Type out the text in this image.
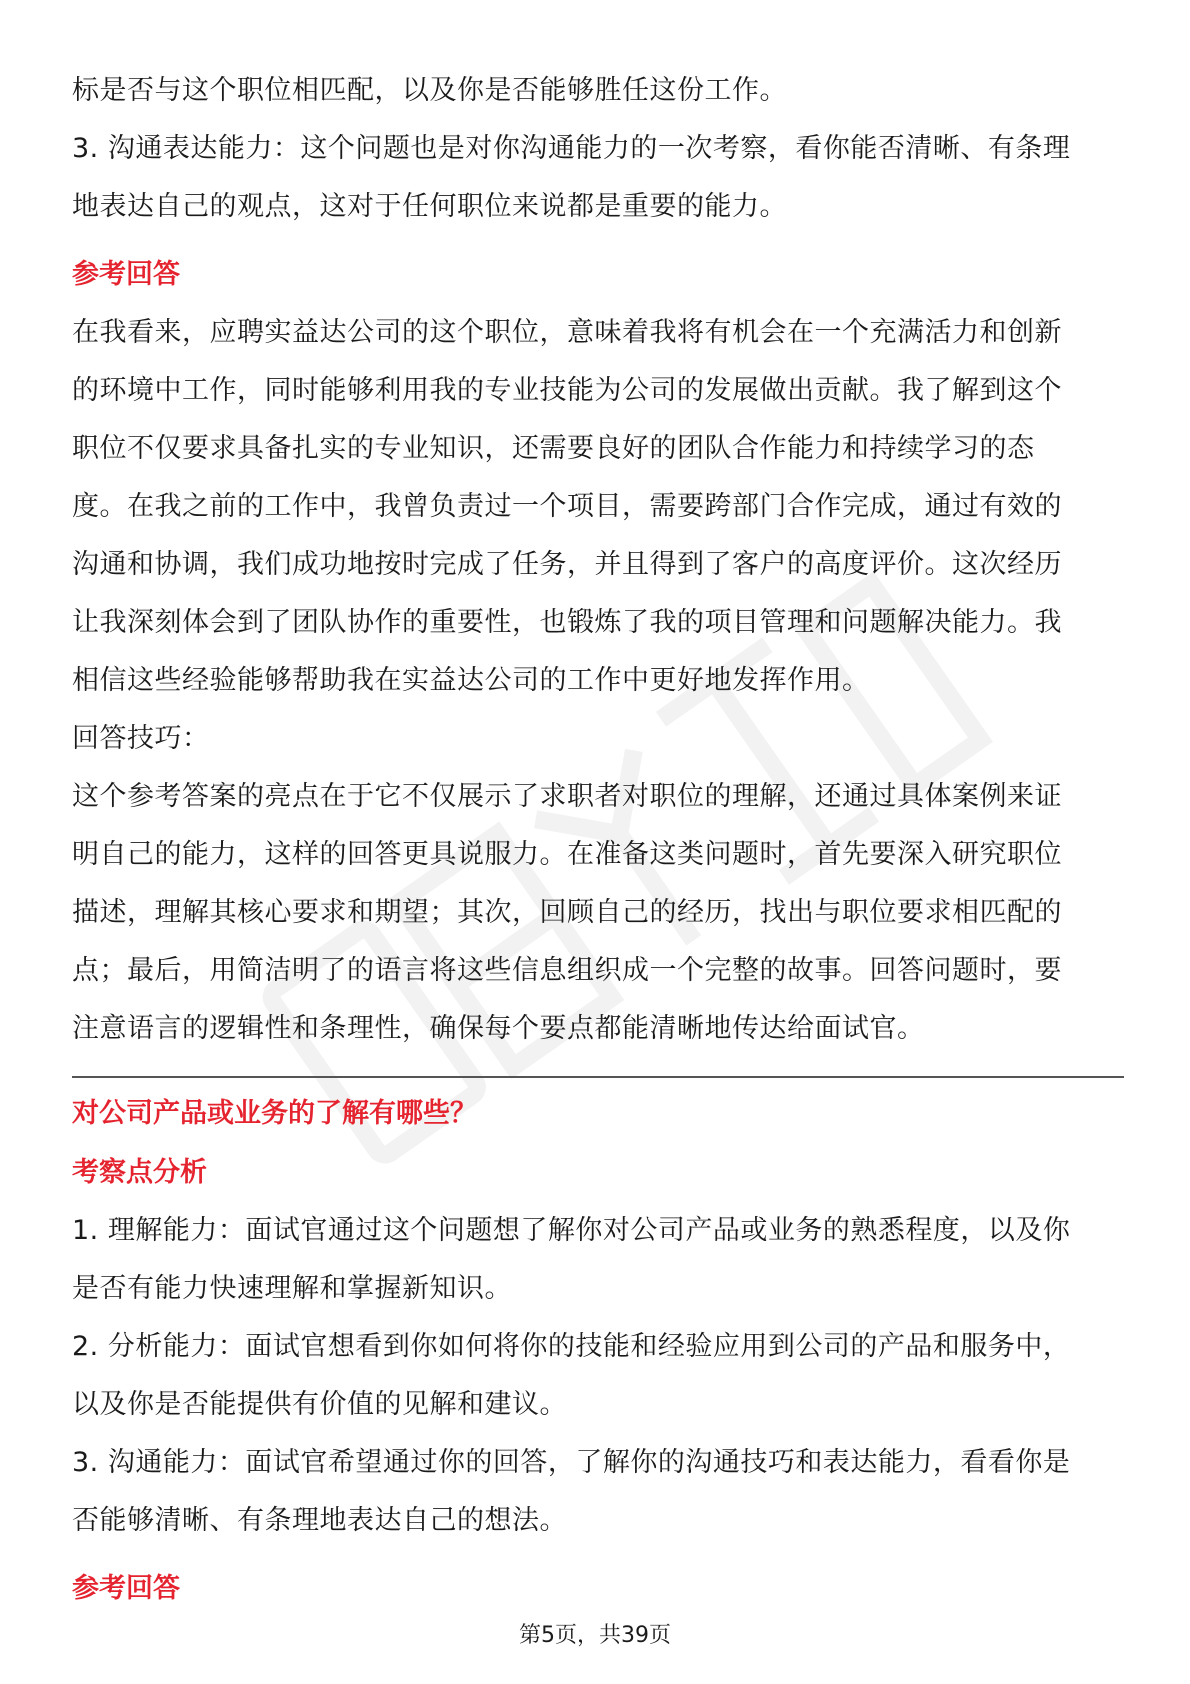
标是否与这个职位相匹配，以及你是否能够胜任这份工作。

3. 沟通表达能力：这个问题也是对你沟通能力的一次考察，看你能否清晰、有条理

地表达自己的观点，这对于任何职位来说都是重要的能力。

参考回答

在我看来，应聘实益达公司的这个职位，意味着我将有机会在一个充满活力和创新

的环境中工作，同时能够利用我的专业技能为公司的发展做出贡献。我了解到这个

职位不仅要求具备扎实的专业知识，还需要良好的团队合作能力和持续学习的态

度。在我之前的工作中，我曾负责过一个项目，需要跨部门合作完成，通过有效的

沟通和协调，我们成功地按时完成了任务，并且得到了客户的高度评价。这次经历

让我深刻体会到了团队协作的重要性，也锻炼了我的项目管理和问题解决能力。我

相信这些经验能够帮助我在实益达公司的工作中更好地发挥作用。

回答技巧：

这个参考答案的亮点在于它不仅展示了求职者对职位的理解，还通过具体案例来证

明自己的能力，这样的回答更具说服力。在准备这类问题时，首先要深入研究职位

描述，理解其核心要求和期望；其次，回顾自己的经历，找出与职位要求相匹配的

点；最后，用简洁明了的语言将这些信息组织成一个完整的故事。回答问题时，要

注意语言的逻辑性和条理性，确保每个要点都能清晰地传达给面试官。

对公司产品或业务的了解有哪些？

考察点分析

1. 理解能力：面试官通过这个问题想了解你对公司产品或业务的熟悉程度，以及你

是否有能力快速理解和掌握新知识。

2. 分析能力：面试官想看到你如何将你的技能和经验应用到公司的产品和服务中，

以及你是否能提供有价值的见解和建议。

3. 沟通能力：面试官希望通过你的回答，了解你的沟通技巧和表达能力，看看你是

否能够清晰、有条理地表达自己的想法。

参考回答

第5页，共39页
